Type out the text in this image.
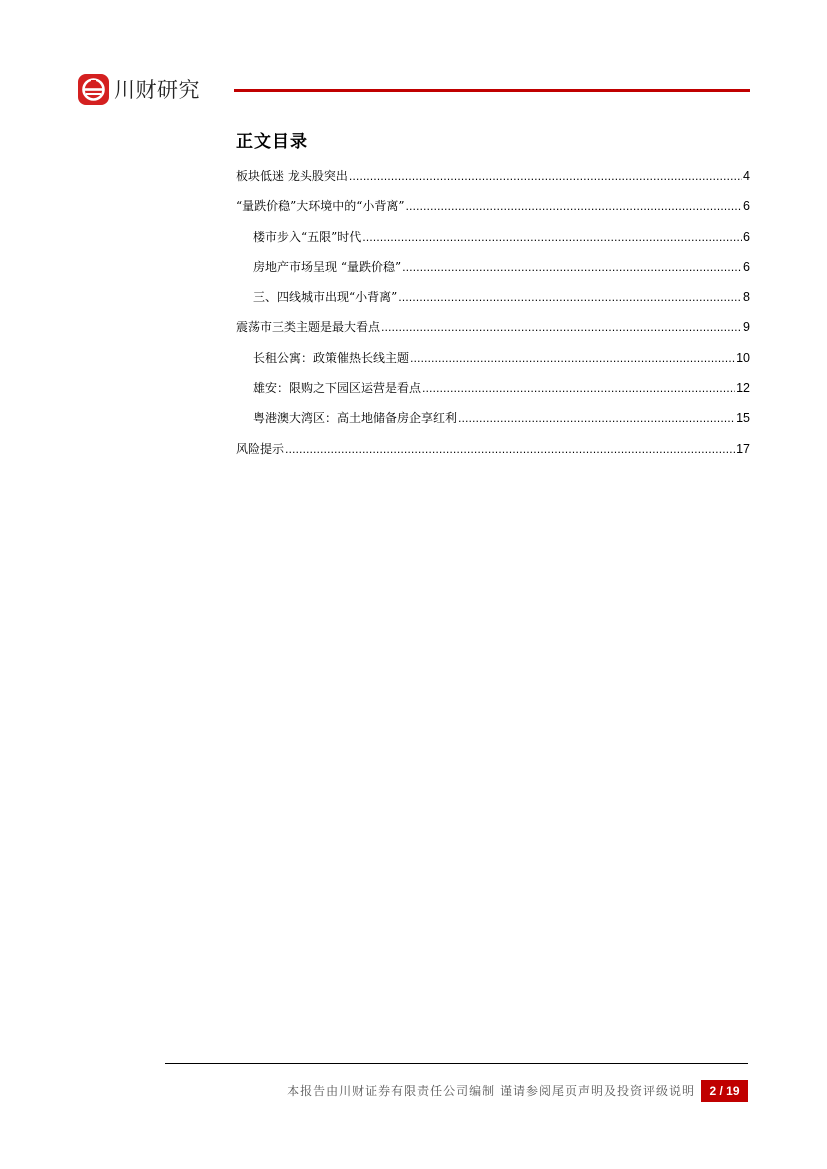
川财研究
正文目录
板块低迷 龙头股突出 .....	4
“量跌价稳”大环境中的“小背离” .....	6
楼市步入“五限”时代 .....	6
房地产市场呈现 “量跌价稳” .....	6
三、四线城市出现“小背离” .....	8
震荡市三类主题是最大看点 .....	9
长租公寓：政策催热长线主题 .....	10
雄安：限购之下园区运营是看点 .....	12
粤港澳大湾区：高土地储备房企享红利 .....	15
风险提示 .....	17
本报告由川财证券有限责任公司编制 谨请参阅尾页声明及投资评级说明	2 / 19
